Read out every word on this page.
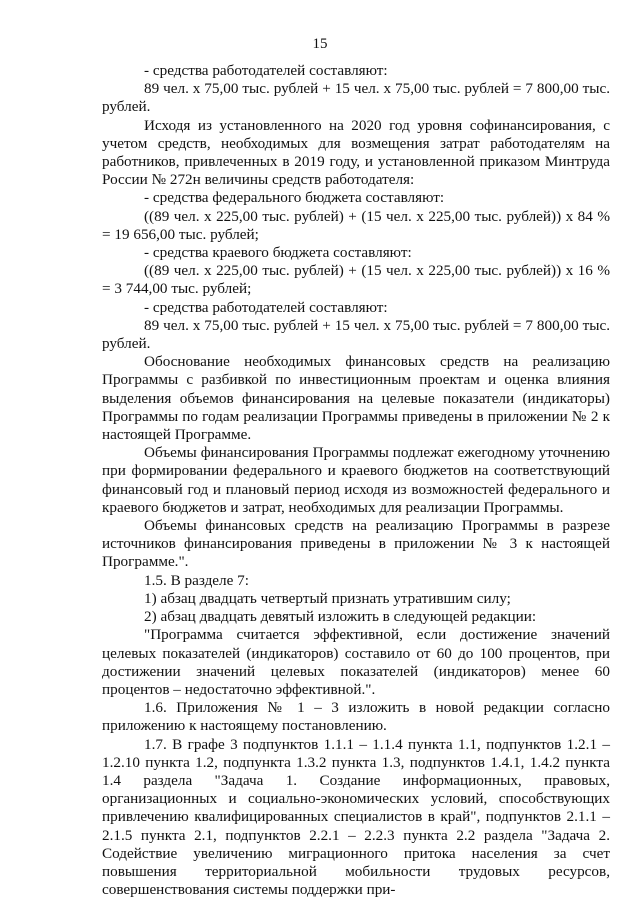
15

- средства работодателей составляют:

89 чел. х 75,00 тыс. рублей + 15 чел. х 75,00 тыс. рублей = 7 800,00 тыс. рублей.

Исходя из установленного на 2020 год уровня софинансирования, с учетом средств, необходимых для возмещения затрат работодателям на работников, привлеченных в 2019 году, и установленной приказом Минтруда России № 272н величины средств работодателя:

- средства федерального бюджета составляют:

((89 чел. х 225,00 тыс. рублей) + (15 чел. х 225,00 тыс. рублей)) х 84 % = 19 656,00 тыс. рублей;

- средства краевого бюджета составляют:

((89 чел. х 225,00 тыс. рублей) + (15 чел. х 225,00 тыс. рублей)) х 16 % = 3 744,00 тыс. рублей;

- средства работодателей составляют:

89 чел. х 75,00 тыс. рублей + 15 чел. х 75,00 тыс. рублей = 7 800,00 тыс. рублей.

Обоснование необходимых финансовых средств на реализацию Программы с разбивкой по инвестиционным проектам и оценка влияния выделения объемов финансирования на целевые показатели (индикаторы) Программы по годам реализации Программы приведены в приложении № 2 к настоящей Программе.

Объемы финансирования Программы подлежат ежегодному уточнению при формировании федерального и краевого бюджетов на соответствующий финансовый год и плановый период исходя из возможностей федерального и краевого бюджетов и затрат, необходимых для реализации Программы.

Объемы финансовых средств на реализацию Программы в разрезе источников финансирования приведены в приложении № 3 к настоящей Программе.".

1.5. В разделе 7:

1) абзац двадцать четвертый признать утратившим силу;

2) абзац двадцать девятый изложить в следующей редакции:

"Программа считается эффективной, если достижение значений целевых показателей (индикаторов) составило от 60 до 100 процентов, при достижении значений целевых показателей (индикаторов) менее 60 процентов – недостаточно эффективной.".

1.6. Приложения № 1 – 3 изложить в новой редакции согласно приложению к настоящему постановлению.

1.7. В графе 3 подпунктов 1.1.1 – 1.1.4 пункта 1.1, подпунктов 1.2.1 – 1.2.10 пункта 1.2, подпункта 1.3.2 пункта 1.3, подпунктов 1.4.1, 1.4.2 пункта 1.4 раздела "Задача 1. Создание информационных, правовых, организационных и социально-экономических условий, способствующих привлечению квалифицированных специалистов в край", подпунктов 2.1.1 – 2.1.5 пункта 2.1, подпунктов 2.2.1 – 2.2.3 пункта 2.2 раздела "Задача 2. Содействие увеличению миграционного притока населения за счет повышения территориальной мобильности трудовых ресурсов, совершенствования системы поддержки при-
